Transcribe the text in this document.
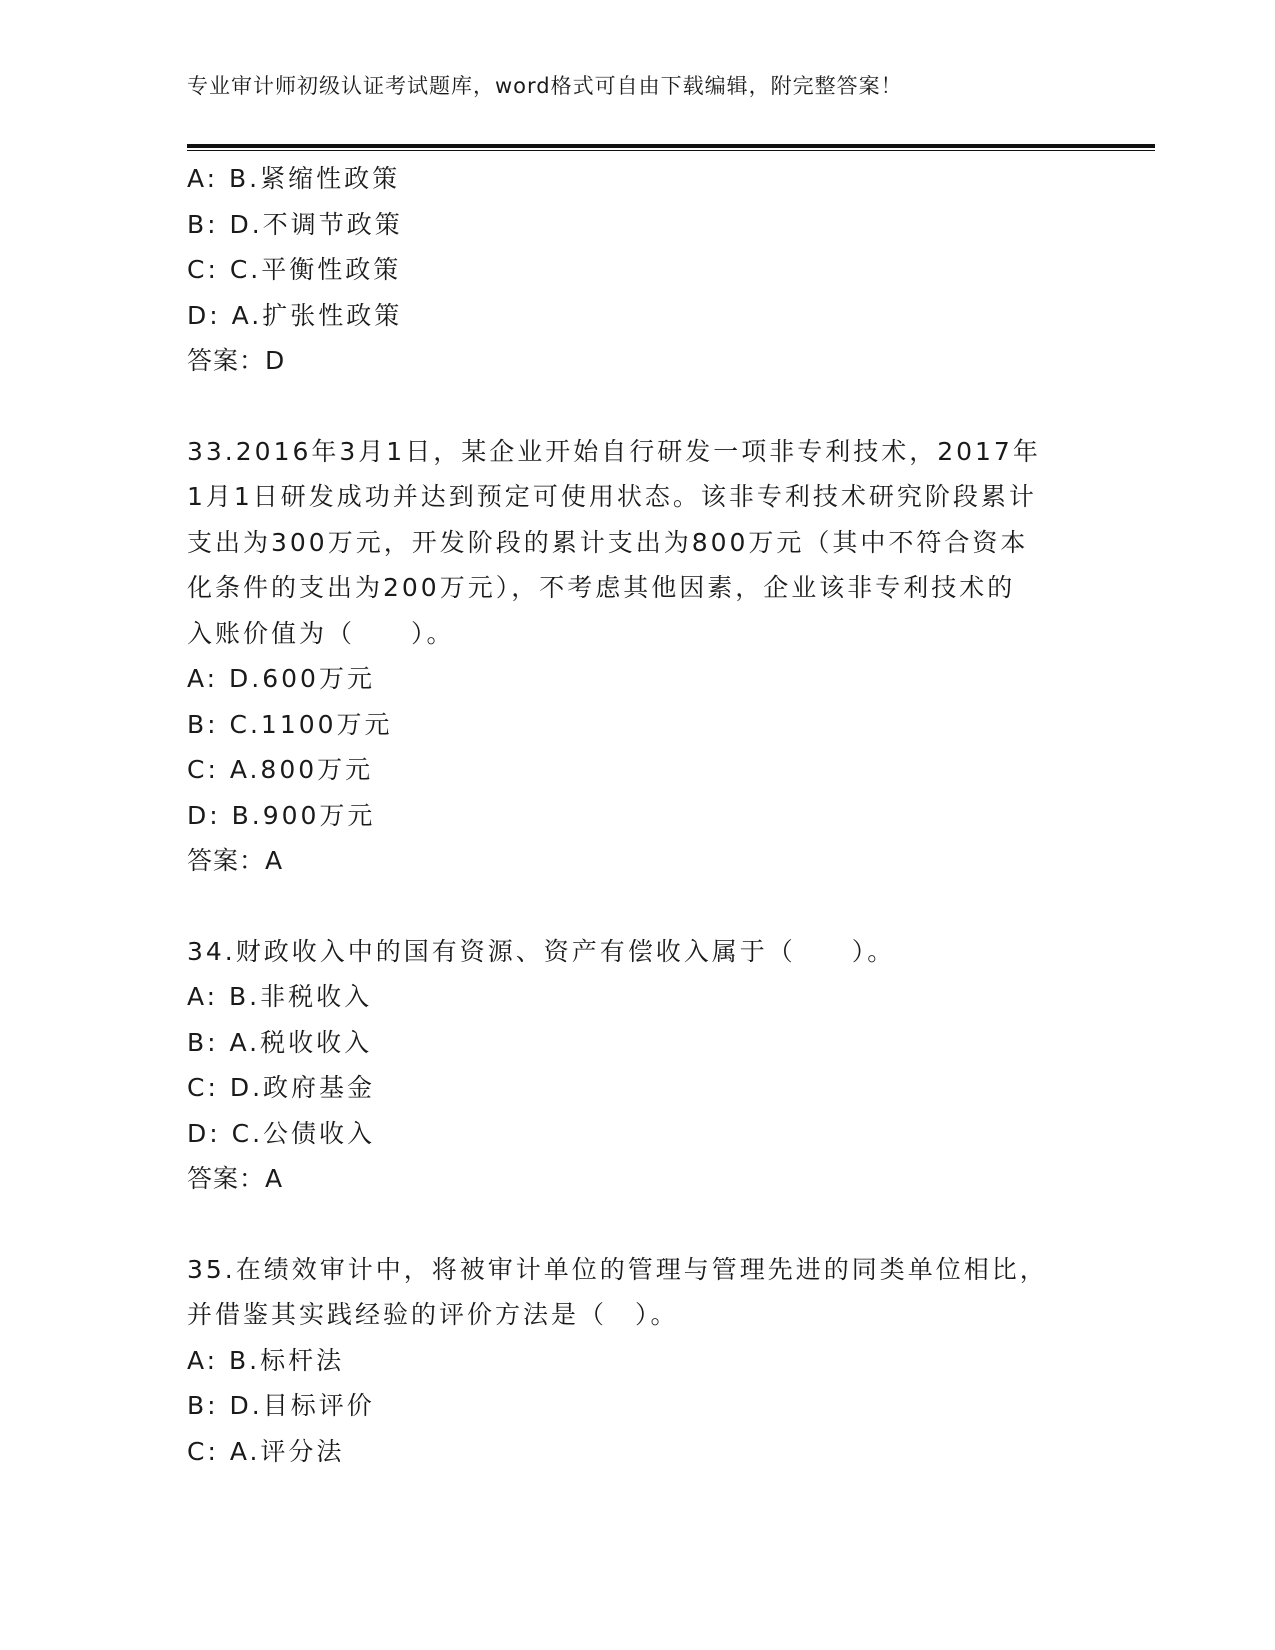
专业审计师初级认证考试题库，word格式可自由下载编辑，附完整答案！
A: B.紧缩性政策
B: D.不调节政策
C: C.平衡性政策
D: A.扩张性政策
答案：D
33.2016年3月1日，某企业开始自行研发一项非专利技术，2017年
1月1日研发成功并达到预定可使用状态。该非专利技术研究阶段累计
支出为300万元，开发阶段的累计支出为800万元（其中不符合资本
化条件的支出为200万元），不考虑其他因素，企业该非专利技术的
入账价值为（　　）。
A: D.600万元
B: C.1100万元
C: A.800万元
D: B.900万元
答案：A
34.财政收入中的国有资源、资产有偿收入属于（　　）。
A: B.非税收入
B: A.税收收入
C: D.政府基金
D: C.公债收入
答案：A
35.在绩效审计中，将被审计单位的管理与管理先进的同类单位相比，
并借鉴其实践经验的评价方法是（　）。
A: B.标杆法
B: D.目标评价
C: A.评分法
